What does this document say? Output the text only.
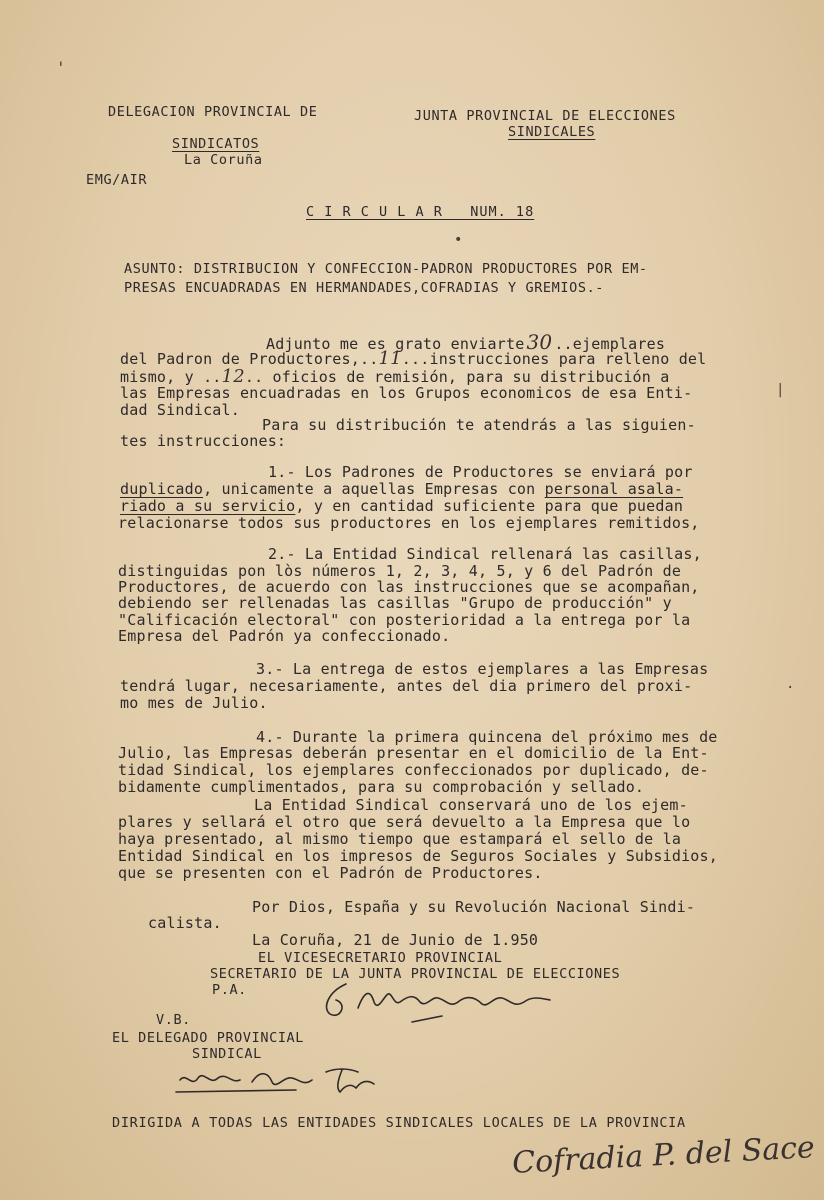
DELEGACION PROVINCIAL DE
SINDICATOS
La Coruña
EMG/AIR
JUNTA PROVINCIAL DE ELECCIONES
SINDICALES
C I R C U L A R   NUM. 18
•
ASUNTO: DISTRIBUCION Y CONFECCION-PADRON PRODUCTORES POR EM-
PRESAS ENCUADRADAS EN HERMANDADES,COFRADIAS Y GREMIOS.-
Adjunto me es grato enviarte 30 ..ejemplares
del Padron de Productores,..11...instrucciones para relleno del
mismo, y ..12.. oficios de remisión, para su distribución a
las Empresas encuadradas en los Grupos economicos de esa Enti-
dad Sindical.
Para su distribución te atendrás a las siguien-
tes instrucciones:
|
1.- Los Padrones de Productores se enviará por
duplicado, unicamente a aquellas Empresas con personal asala-
riado a su servicio, y en cantidad suficiente para que puedan
relacionarse todos sus productores en los ejemplares remitidos,
2.- La Entidad Sindical rellenará las casillas,
distinguidas pon lòs números 1, 2, 3, 4, 5, y 6 del Padrón de
Productores, de acuerdo con las instrucciones que se acompañan,
debiendo ser rellenadas las casillas "Grupo de producción" y
"Calificación electoral" con posterioridad a la entrega por la
Empresa del Padrón ya confeccionado.
3.- La entrega de estos ejemplares a las Empresas
tendrá lugar, necesariamente, antes del dia primero del proxi-
mo mes de Julio.
4.- Durante la primera quincena del próximo mes de
Julio, las Empresas deberán presentar en el domicilio de la Ent-
tidad Sindical, los ejemplares confeccionados por duplicado, de-
bidamente cumplimentados, para su comprobación y sellado.
La Entidad Sindical conservará uno de los ejem-
plares y sellará el otro que será devuelto a la Empresa que lo
haya presentado, al mismo tiempo que estampará el sello de la
Entidad Sindical en los impresos de Seguros Sociales y Subsidios,
que se presenten con el Padrón de Productores.
Por Dios, España y su Revolución Nacional Sindi-
calista.
La Coruña, 21 de Junio de 1.950
EL VICESECRETARIO PROVINCIAL
SECRETARIO DE LA JUNTA PROVINCIAL DE ELECCIONES
P.A.
V.B.
EL DELEGADO PROVINCIAL
SINDICAL
DIRIGIDA A TODAS LAS ENTIDADES SINDICALES LOCALES DE LA PROVINCIA
Cofradia P. del Sace
'
·
